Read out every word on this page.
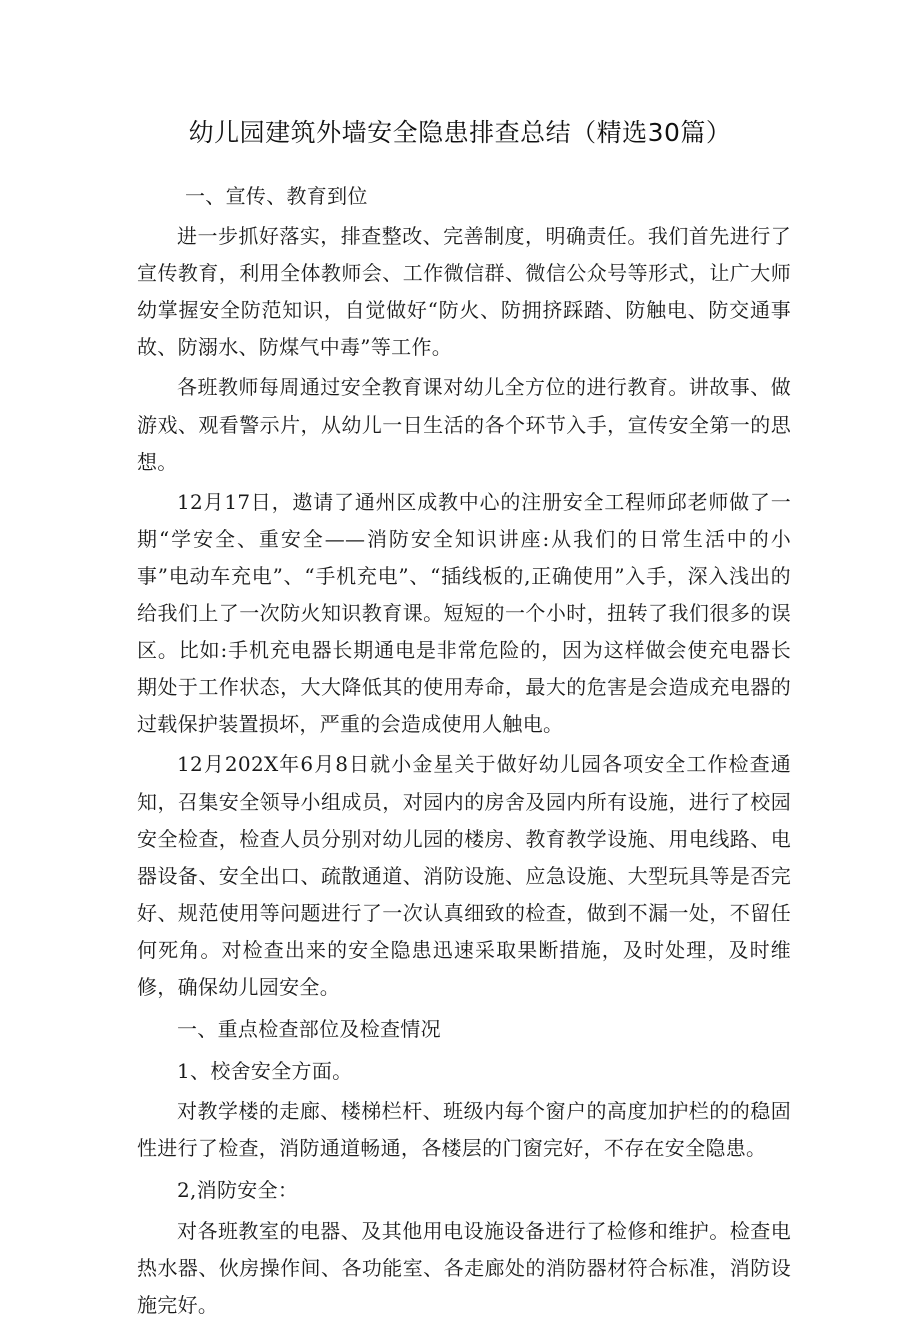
幼儿园建筑外墙安全隐患排查总结（精选30篇）

一、宣传、教育到位

进一步抓好落实，排查整改、完善制度，明确责任。我们首先进行了宣传教育，利用全体教师会、工作微信群、微信公众号等形式，让广大师幼掌握安全防范知识，自觉做好“防火、防拥挤踩踏、防触电、防交通事故、防溺水、防煤气中毒”等工作。

各班教师每周通过安全教育课对幼儿全方位的进行教育。讲故事、做游戏、观看警示片，从幼儿一日生活的各个环节入手，宣传安全第一的思想。

12月17日，遨请了通州区成教中心的注册安全工程师邱老师做了一期“学安全、重安全——消防安全知识讲座:从我们的日常生活中的小事”电动车充电”、“手机充电”、“插线板的,正确使用”入手，深入浅出的给我们上了一次防火知识教育课。短短的一个小时，扭转了我们很多的误区。比如:手机充电器长期通电是非常危险的，因为这样做会使充电器长期处于工作状态，大大降低其的使用寿命，最大的危害是会造成充电器的过载保护装置损坏，严重的会造成使用人触电。

12月202X年6月8日就小金星关于做好幼儿园各项安全工作检查通知，召集安全领导小组成员，对园内的房舍及园内所有设施，进行了校园安全检查，检查人员分别对幼儿园的楼房、教育教学设施、用电线路、电器设备、安全出口、疏散通道、消防设施、应急设施、大型玩具等是否完好、规范使用等问题进行了一次认真细致的检查，做到不漏一处，不留任何死角。对检查出来的安全隐患迅速采取果断措施，及时处理，及时维修，确保幼儿园安全。

一、重点检查部位及检查情况

1、校舍安全方面。

对教学楼的走廊、楼梯栏杆、班级内每个窗户的高度加护栏的的稳固性进行了检查，消防通道畅通，各楼层的门窗完好，不存在安全隐患。

2,消防安全：

对各班教室的电器、及其他用电设施设备进行了检修和维护。检查电热水器、伙房操作间、各功能室、各走廊处的消防器材符合标准，消防设施完好。
